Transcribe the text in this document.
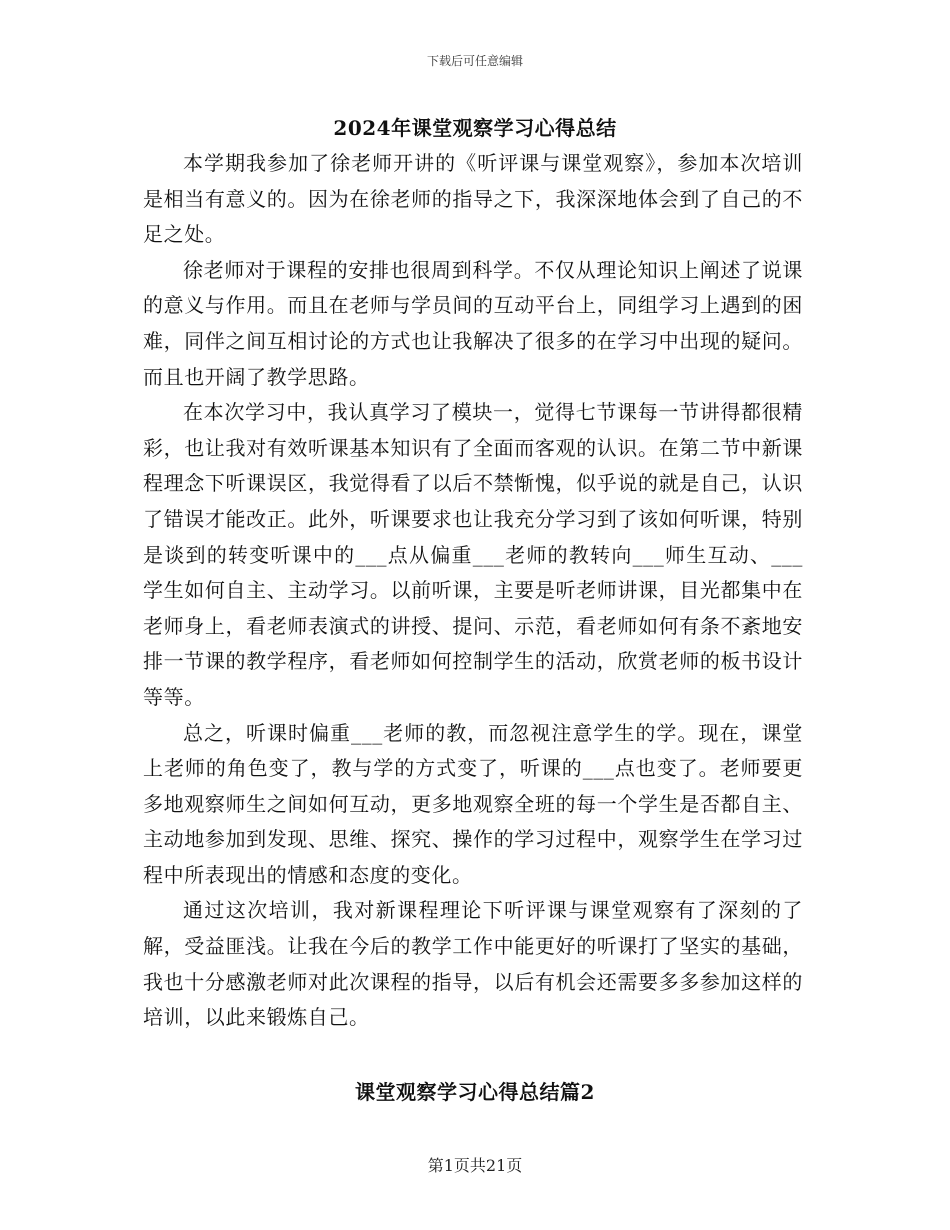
下载后可任意编辑
2024年课堂观察学习心得总结

本学期我参加了徐老师开讲的《听评课与课堂观察》，参加本次培训是相当有意义的。因为在徐老师的指导之下，我深深地体会到了自己的不足之处。

徐老师对于课程的安排也很周到科学。不仅从理论知识上阐述了说课的意义与作用。而且在老师与学员间的互动平台上，同组学习上遇到的困难，同伴之间互相讨论的方式也让我解决了很多的在学习中出现的疑问。而且也开阔了教学思路。

在本次学习中，我认真学习了模块一，觉得七节课每一节讲得都很精彩，也让我对有效听课基本知识有了全面而客观的认识。在第二节中新课程理念下听课误区，我觉得看了以后不禁惭愧，似乎说的就是自己，认识了错误才能改正。此外，听课要求也让我充分学习到了该如何听课，特别是谈到的转变听课中的___点从偏重___老师的教转向___师生互动、___学生如何自主、主动学习。以前听课，主要是听老师讲课，目光都集中在老师身上，看老师表演式的讲授、提问、示范，看老师如何有条不紊地安排一节课的教学程序，看老师如何控制学生的活动，欣赏老师的板书设计等等。

总之，听课时偏重___老师的教，而忽视注意学生的学。现在，课堂上老师的角色变了，教与学的方式变了，听课的___点也变了。老师要更多地观察师生之间如何互动，更多地观察全班的每一个学生是否都自主、主动地参加到发现、思维、探究、操作的学习过程中，观察学生在学习过程中所表现出的情感和态度的变化。

通过这次培训，我对新课程理论下听评课与课堂观察有了深刻的了解，受益匪浅。让我在今后的教学工作中能更好的听课打了坚实的基础，我也十分感激老师对此次课程的指导，以后有机会还需要多多参加这样的培训，以此来锻炼自己。

课堂观察学习心得总结篇2
第1页共21页
